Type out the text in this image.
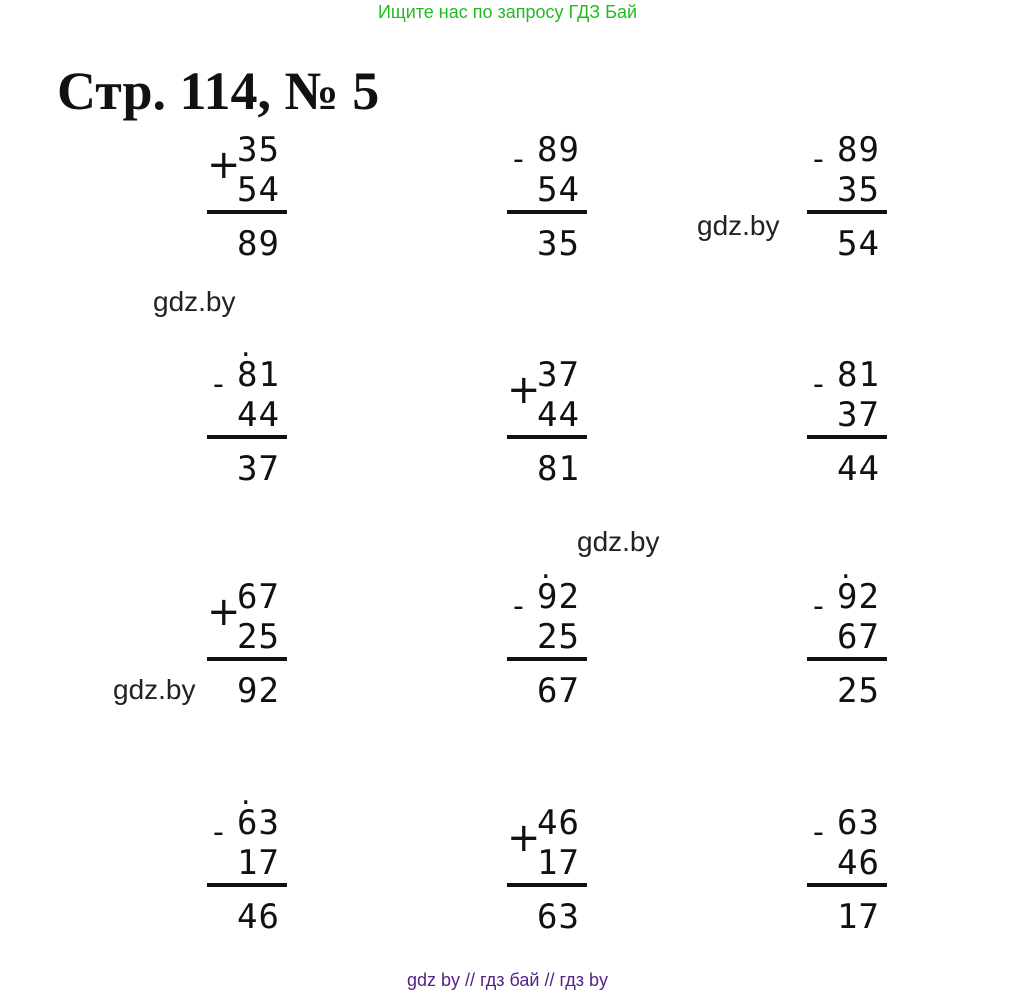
Ищите нас по запросу ГДЗ Бай
Стр. 114, № 5
+
35
54
89
- 89
54
35
- 89
35
54
-
.
81
44
37
+
37
44
81
- 81
37
44
+
67
25
92
-
.
92
25
67
-
.
92
67
25
-
.
63
17
46
+
46
17
63
- 63
46
17
gdz.by
gdz.by
gdz.by
gdz.by
gdz by // гдз бай // гдз by
